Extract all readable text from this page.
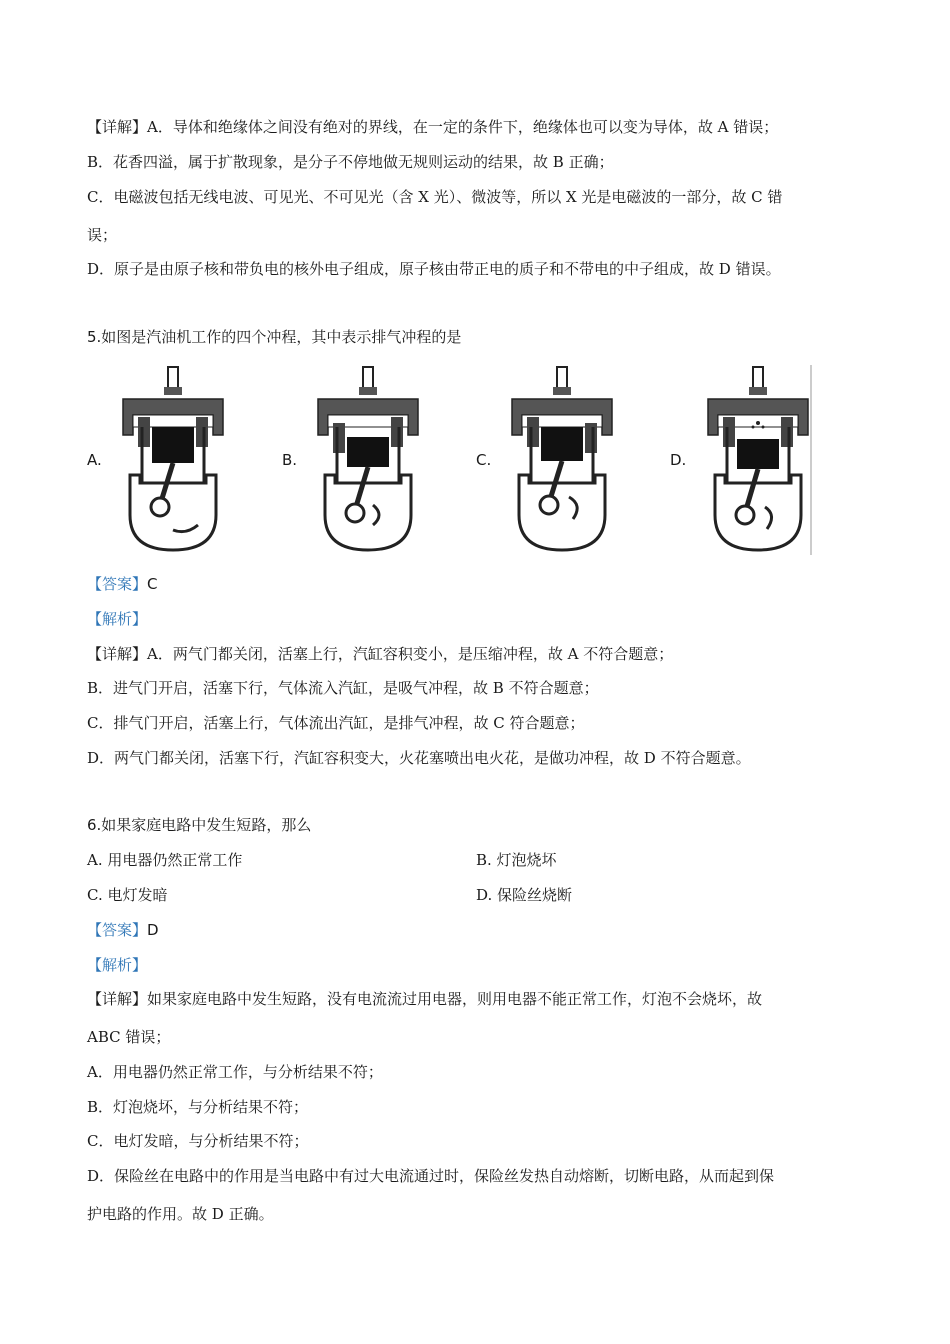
【详解】A．导体和绝缘体之间没有绝对的界线，在一定的条件下，绝缘体也可以变为导体，故 A 错误；
B．花香四溢，属于扩散现象，是分子不停地做无规则运动的结果，故 B 正确；
C．电磁波包括无线电波、可见光、不可见光（含 X 光）、微波等，所以 X 光是电磁波的一部分，故 C 错
误；
D．原子是由原子核和带负电的核外电子组成，原子核由带正电的质子和不带电的中子组成，故 D 错误。
5.如图是汽油机工作的四个冲程，其中表示排气冲程的是
A.	B.	C.	D.
【答案】C
【解析】
【详解】A．两气门都关闭，活塞上行，汽缸容积变小，是压缩冲程，故 A 不符合题意；
B．进气门开启，活塞下行，气体流入汽缸，是吸气冲程，故 B 不符合题意；
C．排气门开启，活塞上行，气体流出汽缸，是排气冲程，故 C 符合题意；
D．两气门都关闭，活塞下行，汽缸容积变大，火花塞喷出电火花，是做功冲程，故 D 不符合题意。
6.如果家庭电路中发生短路，那么
A. 用电器仍然正常工作	B. 灯泡烧坏
C. 电灯发暗	D. 保险丝烧断
【答案】D
【解析】
【详解】如果家庭电路中发生短路，没有电流流过用电器，则用电器不能正常工作，灯泡不会烧坏，故
ABC 错误；
A．用电器仍然正常工作，与分析结果不符；
B．灯泡烧坏，与分析结果不符；
C．电灯发暗，与分析结果不符；
D．保险丝在电路中的作用是当电路中有过大电流通过时，保险丝发热自动熔断，切断电路，从而起到保
护电路的作用。故 D 正确。
